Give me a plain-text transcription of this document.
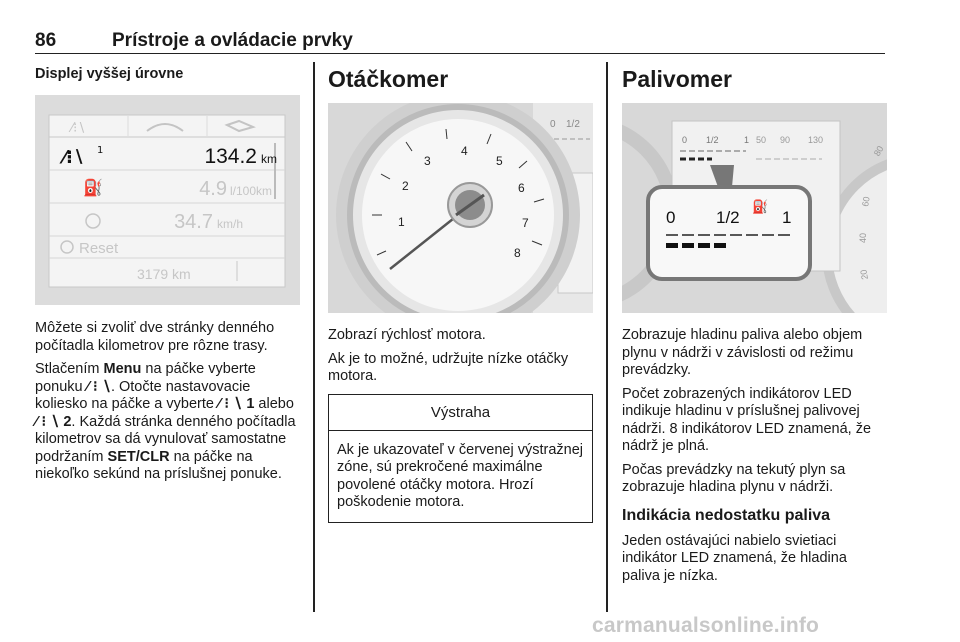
86	Prístroje a ovládacie prvky
Displej vyššej úrovne
⁄⁝∖
⁄⁝∖ 1	134.2 km
⛽	4.9 l/100km
34.7 km/h
Reset
3179 km

Môžete si zvoliť dve stránky denného počítadla kilometrov pre rôzne trasy.

Stlačením Menu na páčke vyberte ponuku ⁄ ⁝ ∖. Otočte nastavovacie koliesko na páčke a vyberte ⁄ ⁝ ∖ 1 alebo ⁄ ⁝ ∖ 2. Každá stránka denného počítadla kilometrov sa dá vynulovať samostatne podržaním SET/CLR na páčke na niekoľko sekúnd na príslušnej ponuke.

Otáčkomer
0 1/2
1
2
3
4
5
6
7
8

Zobrazí rýchlosť motora.

Ak je to možné, udržujte nízke otáčky motora.

Výstraha
Ak je ukazovateľ v červenej výstražnej zóne, sú prekročené maximálne povolené otáčky motora. Hrozí poškodenie motora.
Palivomer
0 1/2	1 50 90 130
80
60
40
20
0 1/2
⛽
1

Zobrazuje hladinu paliva alebo objem plynu v nádrži v závislosti od režimu prevádzky.

Počet zobrazených indikátorov LED indikuje hladinu v príslušnej palivovej nádrži. 8 indikátorov LED znamená, že nádrž je plná.

Počas prevádzky na tekutý plyn sa zobrazuje hladina plynu v nádrži.

Indikácia nedostatku paliva

Jeden ostávajúci nabielo svietiaci indikátor LED znamená, že hladina paliva je nízka.

carmanualsonline.info
